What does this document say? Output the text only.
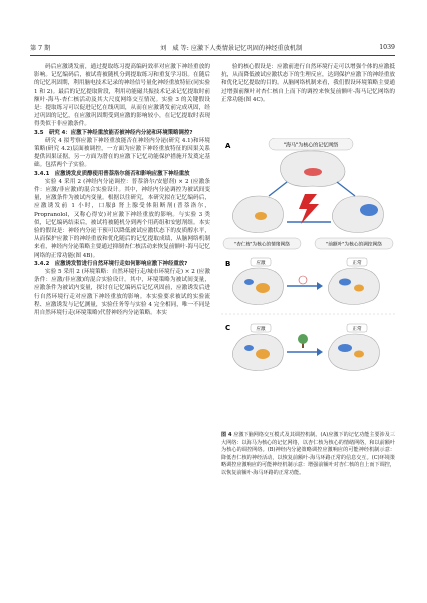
第 7 期	刘　威 等: 应激下人类情景记忆巩固的神经重放机制	1039

码后应激诱发前，通过提取练习提高编码效率对应激下神经重放的影响。记忆编码后，被试将被随机分到提取练习和重复学习组。在随后的记忆巩固期，利用脑电技术记录的神经信号量化神经重放特征(同实验 1 和 2)。最后的记忆提取阶段，利用功能磁共振技术记录记忆提取时前额叶-海马-杏仁核活动及其大尺度网络交互情况。实验 3 的关键假设是：提取练习可以促进记忆在线巩固，从而在应激诱发前完成巩固，经过巩固的记忆，在应激巩固期受到应激的影响较小，在记忆提取时表现得类似于非应激条件。

3.5　研究 4：应激下神经重放能否被神经内分泌和环境策略调控?

研究 4 拟考察应激下神经重放能否在神经内分泌(研究 4.1)和环境策略(研究 4.2)层面被调控，一方面为应激下神经重放特征的因果关系提供因果证据，另一方面为潜在的应激下记忆功能保护措施开发奠定基础。包括两个子实验。

3.4.1　应激诱发皮质醇使用普萘洛尔能否和影响应激下神经重放

实验 4 采用 2 (神经内分泌调控：普萘洛尔/安慰剂) × 2 (应激条件：应激/非应激)的混合实验设计。其中，神经内分泌调控为被试间变量，应激条件为被试内变量。根据以往研究，本研究拟在记忆编码后，应激诱发前 1 小时，口服β 肾上腺受体阻断剂(普萘洛尔，Propranolol，又称心得安)对应激下神经重放的影响。与实验 3 类似，记忆编码结束后，被试将被随机分到两个用药组和安慰剂组。本实验的假设是：神经内分泌干预可以降低被试应激状态下的皮质醇水平，从而保护应激下的神经重放和优化随后的记忆提取成绩，从脑网络机制来看，神经内分泌策略主要通过抑制杏仁核活动来恢复前额叶-海马记忆网络的正常功能(图 4B)。

3.4.2　应激诱发暂进行自然环境行走如何影响应激下神经重放?

实验 5 采用 2 (环境策略：自然环境行走/城市环境行走) × 2 (应激条件：应激/非应激)的混合实验设计。其中，环境策略为被试间变量，应激条件为被试内变量，探讨在记忆编码后记忆巩固前，应激诱发后进行自然环境行走对应激下神经重放的影响。本实验要求被试的实验流程、应激诱发与记忆测量，实验任务等与实验 4 完全相同，唯一不同是用自然环境行走(环境策略)代替神经内分泌策略。本实

验的核心假设是：应激前进行自然环境行走可以增强个体的应激抵抗，从而降低被试应激状态下的生理反应，达到保护应激下的神经重放和优化记忆提取的目的。从脑网络机制来看，我们假设环境策略主要通过增强前额叶对杏仁核自上而下的调控来恢复前额叶-海马记忆网络的正常功能(图 4C)。

A	"海马"为核心的记忆网络
"杏仁核"为核心的情绪网络	"前额叶"为核心的调控网络
B	应激	正常
C	应激	正常
图 4 应激下脑网络交互模式及其调控机制。(A)应激下的记忆功能主要涉及三大网络：以海马为核心的记忆网络，以杏仁核为核心的情绪网络，和以前额叶为核心的调控网络。(B)神经内分泌策略调控应激响应的可能神经机制示意：降低杏仁核的神经活动，以恢复前额叶-海马环路正常的信息交互。(C)环境策略调控应激响应的可能神经机制示意：增强前额叶对杏仁核的自上而下调控，以恢复前额叶-海马环路的正常功能。
